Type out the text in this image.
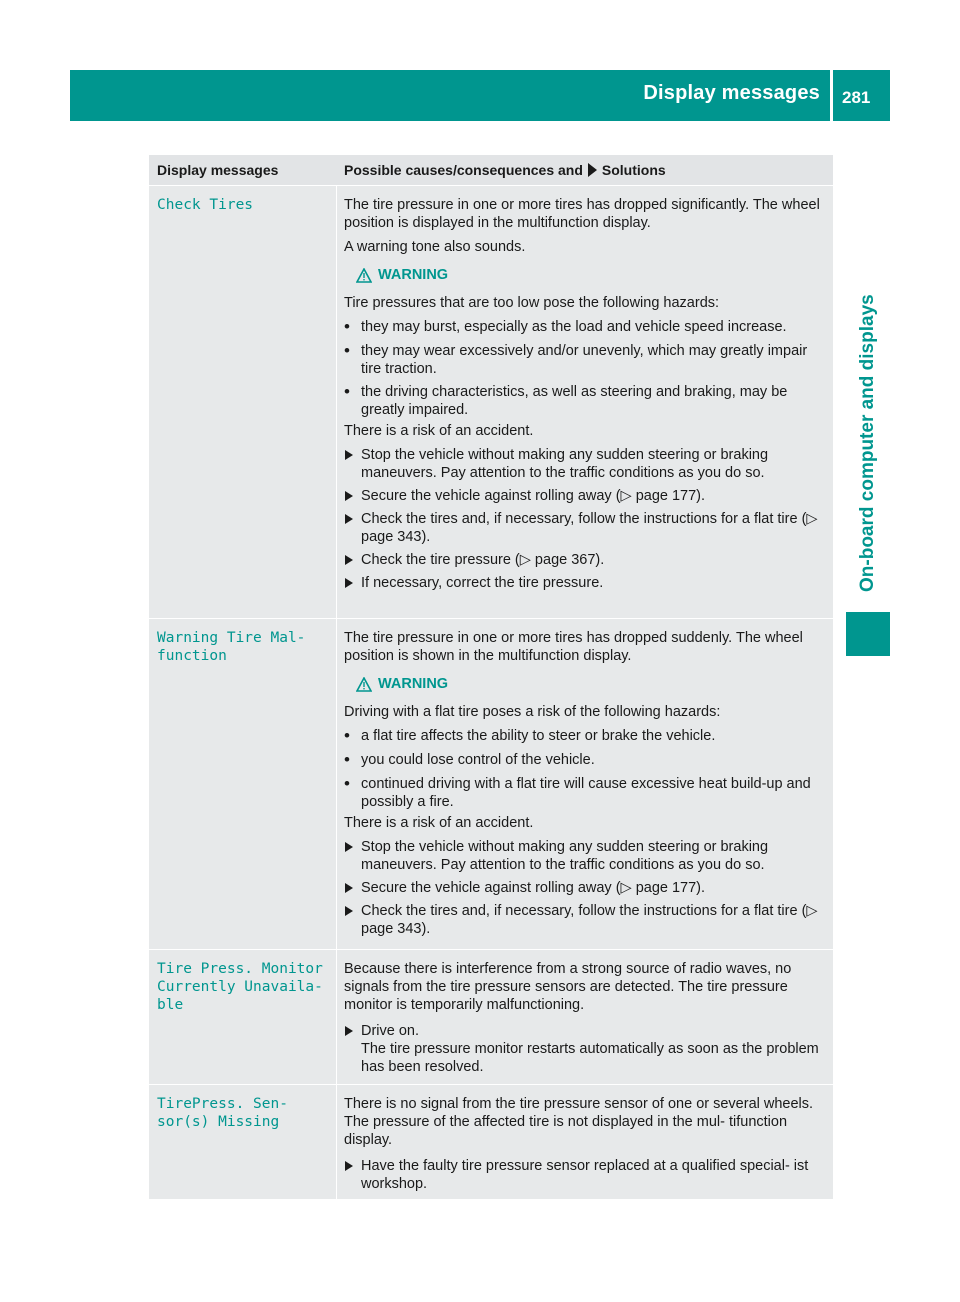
Display messages 281
On-board computer and displays
Display messages	Possible causes/consequences and Solutions
Check Tires	The tire pressure in one or more tires has dropped significantly. The wheel position is displayed in the multifunction display.

A warning tone also sounds.

WARNING

Tire pressures that are too low pose the following hazards:

•
they may burst, especially as the load and vehicle speed increase.
•
they may wear excessively and/or unevenly, which may greatly impair tire traction.
•
the driving characteristics, as well as steering and braking, may be greatly impaired.

There is a risk of an accident.

Stop the vehicle without making any sudden steering or braking maneuvers. Pay attention to the traffic conditions as you do so.
Secure the vehicle against rolling away (▷ page 177).
Check the tires and, if necessary, follow the instructions for a flat tire (▷ page 343).
Check the tire pressure (▷ page 367).
If necessary, correct the tire pressure.
Warning Tire Mal‐
function

The tire pressure in one or more tires has dropped suddenly. The wheel position is shown in the multifunction display.

WARNING

Driving with a flat tire poses a risk of the following hazards:

•
a flat tire affects the ability to steer or brake the vehicle.
•
you could lose control of the vehicle.
•
continued driving with a flat tire will cause excessive heat build-up and possibly a fire.

There is a risk of an accident.

Stop the vehicle without making any sudden steering or braking maneuvers. Pay attention to the traffic conditions as you do so.
Secure the vehicle against rolling away (▷ page 177).
Check the tires and, if necessary, follow the instructions for a flat tire (▷ page 343).
Tire Press. Monitor
Currently Unavaila‐
ble

Because there is interference from a strong source of radio waves, no signals from the tire pressure sensors are detected. The tire pressure monitor is temporarily malfunctioning.

Drive on.
The tire pressure monitor restarts automatically as soon as the problem has been resolved.
TirePress. Sen‐
sor(s) Missing

There is no signal from the tire pressure sensor of one or several wheels. The pressure of the affected tire is not displayed in the mul‐ tifunction display.

Have the faulty tire pressure sensor replaced at a qualified special‐ ist workshop.
